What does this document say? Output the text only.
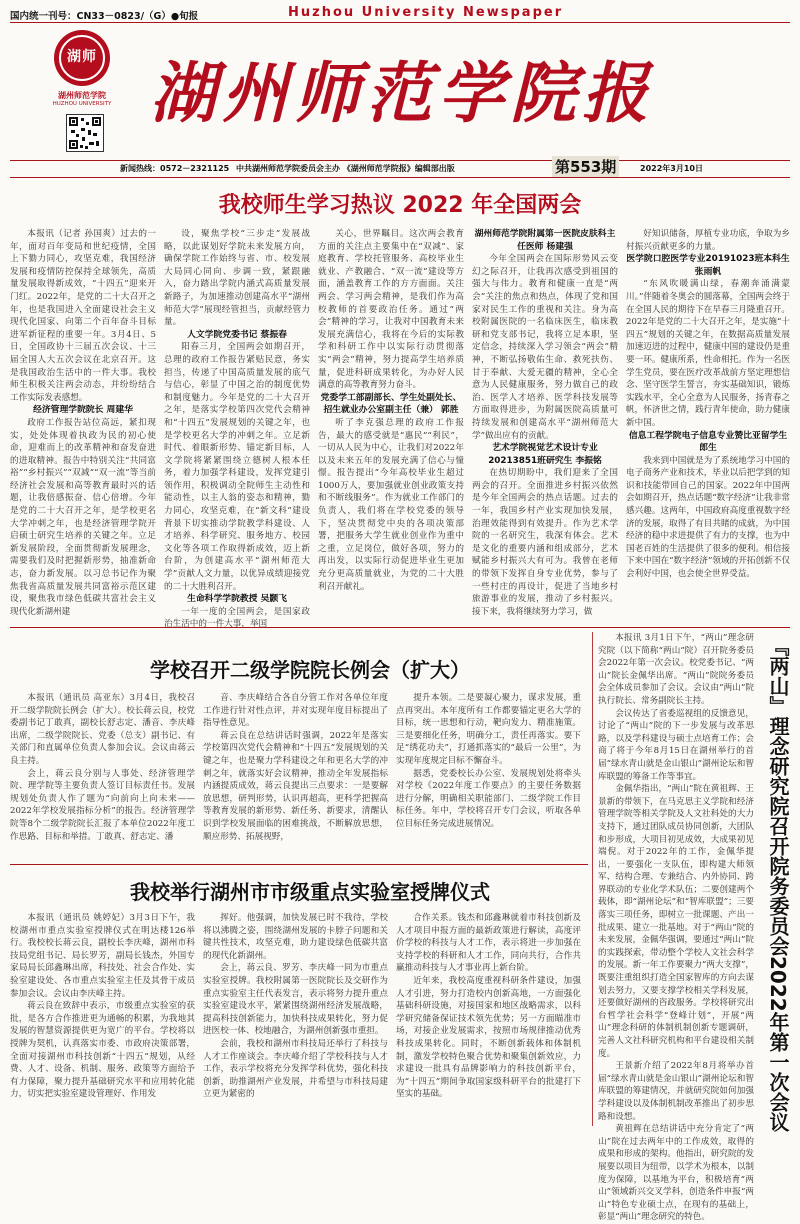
国内统一刊号：CN33－0823/（G）●旬报	Huzhou University Newspaper
湖师
湖州师范学院
HUZHOU UNIVERSITY 湖州师范学院报
新闻热线：0572－2321125 中共湖州师范学院委员会主办 《湖州师范学院报》编辑部出版	第553期	2022年3月10日
我校师生学习热议 2022 年全国两会

本报讯（记者 孙国爽）过去的一年，面对百年变局和世纪疫情，全国上下勠力同心，攻坚克难，我国经济发展和疫情防控保持全球领先，高质量发展取得新成效，“十四五”迎来开门红。2022年，是党的二十大召开之年，也是我国进入全面建设社会主义现代化国家、向第二个百年奋斗目标进军新征程的重要一年。3月4日、5日，全国政协十三届五次会议、十三届全国人大五次会议在北京召开。这是我国政治生活中的一件大事。我校师生积极关注两会动态，并纷纷结合工作实际发表感想。

经济管理学院院长 周建华

政府工作报告站位高远，紧扣现实，处处体现着执政为民的初心使命，迎难而上的改革精神和奋发奋进的进取精神。报告中特别关注“共同富裕”“乡村振兴”“双减”“双一流”等当前经济社会发展和高等教育最时兴的话题，让我倍感振奋、信心倍增。今年是党的二十大召开之年，是学校更名大学冲刺之年，也是经济管理学院开启硕士研究生培养的关键之年。立足新发展阶段，全面贯彻新发展理念，需要我们及时把握新形势，抽准新命志，奋力新发展。以习总书记作为聚焦我省高质量发展共同富裕示范区建设，聚焦我市绿色低碳共富社会主义现代化新湖州建

设，聚焦学校“三步走”发展战略，以此谋划好学院未来发展方向，确保学院工作始终与省、市、校发展大局同心同向、步调一致，紧跟融入，奋力踏出学院内涵式高质量发展新路子，为加速推动创建高水平“湖州师范大学”展现经管担当，贡献经管力量。

人文学院党委书记 蔡振春

阳春三月，全国两会如期召开，总理的政府工作报告紧贴民意，务实担当，传递了中国高质量发展的底气与信心，彰显了中国之治的制度优势和制度魅力。今年是党的二十大召开之年，是落实学校第四次党代会精神和“十四五”发展规划的关键之年，也是学校更名大学的冲刺之年。立足新时代、着眼新形势、锚定新目标，人文学院将紧紧围绕立德树人根本任务，着力加强学科建设，发挥党建引领作用，积极调动全院师生主动性和能动性，以主人翁的姿态和精神，勠力同心，攻坚克难，在“新文科”建设背景下切实推动学院教学科建设、人才培养、科学研究、服务地方、校园文化等各项工作取得新成效，迈上新台阶，为创建高水平“湖州师范大学”贡献人文力量，以优异成绩迎接党的二十大胜利召开。

生命科学学院教授 吴颢飞

一年一度的全国两会，是国家政治生活中的一件大事，举国

关心，世界瞩目。这次两会教育方面的关注点主要集中在“双减”、家庭教育、学校托管服务、高校毕业生就业、产教融合、“双一流”建设等方面，涵盖教育工作的方方面面。关注两会、学习两会精神，是我们作为高校教师的首要政治任务。通过“两会”精神的学习，让我对中国教育未来发展充满信心，我将在今后的实际教学和科研工作中以实际行动贯彻落实“两会”精神，努力提高学生培养质量，促进科研成果转化，为办好人民满意的高等教育努力奋斗。

党委学工部副部长、学生处副处长、招生就业办公室副主任（兼） 郭胜

听了李克强总理的政府工作报告，最大的感受就是“惠民”“利民”，一切从人民为中心，让我们对2022年以及未来五年的发展充满了信心与憧憬。报告提出“今年高校毕业生超过1000万人，要加强就业创业政策支持和不断线服务”。作为就业工作部门的负责人，我们将在学校党委的领导下，坚决贯彻党中央的各项决策部署，把服务大学生就业创业作为重中之重，立足岗位，做好各项，努力的再出发，以实际行动促进毕业生更加充分更高质量就业，为党的二十大胜利召开献礼。

湖州师范学院附属第一医院皮肤科主任医师 杨建强

今年全国两会在国际形势风云变幻之际召开，让我再次感受到祖国的强大与伟力。教育和健康一直是“两会”关注的焦点和热点，体现了党和国家对民生工作的重视和关注。身为高校附属医院的一名临床医生，临床教研和党支部书记，我将立足本职，坚定信念，持续深入学习领会“两会”精神，不断弘扬敬佑生命、救死扶伤、甘于奉献、大爱无疆的精神，全心全意为人民健康服务，努力做自己的政治、医学人才培养、医学科技发展等方面取得进步，为附属医院高质量可持续发展和创建高水平“湖州师范大学”做出应有的贡献。

艺术学院视觉艺术设计专业20213851班研究生 李振铭

在热切期盼中，我们迎来了全国两会的召开。全面推进乡村振兴依然是今年全国两会的热点话题。过去的一年，我国乡村产业实现加快发展，治理效能得到有效提升。作为艺术学院的一名研究生，我深有体会。艺术是文化的重要内涵和组成部分，艺术赋能乡村振兴大有可为。我曾在老师的带领下发挥自身专业优势，参与了一些村庄的再设计，促进了当地乡村旅游事业的发展，推动了乡村振兴。接下来，我将继续努力学习，做

好知识储备，厚植专业功底，争取为乡村振兴贡献更多的力量。

医学院口腔医学专业20191023班本科生 张雨帆

“东风吹暖满山绿，春潮奔涌满蒙川。”伴随着冬奥会的圆落幕，全国两会终于在全国人民的期待下在早春三月隆重召开。2022年是党的二十大召开之年，是实施“十四五”规划的关键之年，在数据高质量发展加速迈进的过程中，健康中国的建设仍是重要一环。健康所系，性命相托。作为一名医学生党员，要在医疗改革战前方坚定理想信念、坚守医学生誓言，夯实基础知识，锻炼实践水平，全心全意为人民服务，扬青春之帆，怀济世之情，践行青年使命，助力健康新中国。

信息工程学院电子信息专业赞比亚留学生 郎生

我来到中国就是为了系统地学习中国的电子商务产业和技术，毕业以后把学到的知识和技能带回自己的国家。2022年中国两会如期召开，热点话题“数字经济”让我非常感兴趣。这两年，中国政府高度重视数字经济的发展，取得了有目共睹的成就，为中国经济的稳中求进提供了有力的支撑，也为中国老百姓的生活提供了很多的便利。相信接下来中国在“数字经济”领域的开拓创新不仅会利好中国，也会使全世界受益。

学校召开二级学院院长例会（扩大）

本报讯（通讯员 高亚东）3月4日，我校召开二级学院院长例会（扩大）。校长蒋云良，校党委副书记丁敢真，副校长舒志定、潘音、李庆峰出席，二级学院院长、党委（总支）副书记、有关部门和直属单位负责人参加会议。会议由蒋云良主持。

会上，蒋云良分别与人事处、经济管理学院、理学院等主要负责人签订目标责任书。发展规划处负责人作了题为“向前向上向未来——2022年学校发展指标分析”的报告。经济管理学院等8个二级学院院长汇报了本单位2022年度工作思路、目标和举措。丁敢真、舒志定、潘

音、李庆峰结合各自分管工作对各单位年度工作进行针对性点评，并对实现年度目标提出了指导性意见。

蒋云良在总结讲话时强调，2022年是落实学校第四次党代会精神和“十四五”发展规划的关键之年，也是聚力学科建设之年和更名大学的冲刺之年，就落实好会议精神，推动全年发展指标内涵提质成效，蒋云良提出三点要求：一是要解放思想，研判形势，认识再超高，更科学把握高等教育发展的新形势、新任务、新要求，清醒认识到学校发展面临的困难挑战，不断解放思想，顺应形势、拓展视野，

提升本领。二是要凝心聚力，谋求发展，重点再突出。本年度所有工作都要锚定更名大学的目标，统一思想和行动，靶向发力、精准施策。三是要细化任务，明确分工，责任再落实。要下足“绣花功夫”，打通抓落实的“最后一公里”，为实现年度规定目标不懈奋斗。

据悉，党委校长办公室、发展规划处将牵头对学校《2022年度工作要点》的主要任务数据进行分解，明确相关职能部门、二级学院工作目标任务。年中，学校将召开专门会议，听取各单位目标任务完成进展情况。

我校举行湖州市市级重点实验室授牌仪式

本报讯（通讯员 姚婷妃）3月3日下午，我校湖州市重点实验室授牌仪式在明达楼126举行。我校校长蒋云良，副校长李庆峰，湖州市科技局党组书记、局长罗芳，副局长钱杰，外国专家局局长邱鑫琳出席，科技处、社会合作处、实验室建设处、各市重点实验室主任及其骨干成员参加会议。会议由李庆峰主持。

蒋云良在致辞中表示，市级重点实验室的获批，是各方合作推进更为通畅的积累，为我地其发展的智慧资源提供更为宽广的平台。学校将以授牌为契机，认真落实市委、市政府决策部署，全面对接湖州市科技创新“十四五”规划，从经费、人才、设备、机制、服务、政策等方面给予有力保障，聚力提升基础研究水平和应用转化能力，切实把实验室建设管理好、作用发

挥好。他强调，加快发展已时不我待，学校将以沸腾之姿，围绕湖州发展的卡脖子问题和关键共性技术，攻坚克难，助力建设绿色低碳共富的现代化新湖州。

会上，蒋云良、罗芳、李庆峰一同为市重点实验室授牌。我校附属第一医院院长及交研作为重点实验室主任代表发言，表示将努力提升重点实验室建设水平，紧紧围绕湖州经济发展战略，提高科技创新能力，加快科技成果转化，努力促进医校一体、校地融合，为湖州创新强市重担。

会前，我校和湖州市科技局还举行了科技与人才工作座谈会。李庆峰介绍了学校科技与人才工作，表示学校将充分发挥学科优势，强化科技创新，助推湖州产业发展，并希望与市科技局建立更为紧密的

合作关系。钱杰和邱鑫琳就着市科技创新及人才项目申报方面的最新政策进行解读，高度评价学校的科技与人才工作，表示将进一步加强在支持学校的科研和人才工作，同向共行，合作共赢推动科技与人才事业再上新台阶。

近年来，我校高度重视科研条件建设，加强人才引进，努力打造校内创新高地，一方面强化基础科研设施，对接国家和地区战略需求，以科学研究储备保证技术领先优势；另一方面瞄准市场，对接企业发展需求，按照市场规律推动优秀科技成果转化。同时，不断创新载体和体制机制，激发学校特色聚合优势和聚集创新效应，力求建设一批具有品牌影响力的科技创新平台，为“十四五”期间争取国家级科研平台的批建打下坚实的基础。

本报讯 3月1日下午，“两山”理念研究院（以下简称“两山”院）召开院务委员会2022年第一次会议。校党委书记、“两山”院长金佩华出席。“两山”院院务委员会全体成员参加了会议。会议由“两山”院执行院长、常务副院长主持。

会议传达了省委巡视组的反馈意见，讨论了“两山”院的下一步发展与改革思路，以及学科建设与硕士点培育工作；会商了将于今年8月15日在湖州举行的首届“绿水青山就是金山银山”湖州论坛和智库联盟的筹备工作等事宜。

金佩华指出，“两山”院在黄祖辉、王景新的带领下，在马克思主义学院和经济管理学院等相关学院及人文社科处的大力支持下，通过团队成员协同创新，大团队和步形成，大项目初见成效，大成果初见端倪。对于2022年的工作，金佩华提出，一要强化一支队伍，即构建大师领军、结构合理、专兼结合、内外协同、跨界联动的专业化学术队伍；二要创建两个载体，即“湖州论坛”和“智库联盟”；三要落实三项任务，即树立一批课题、产出一批成果、建立一批基地。对于“两山”院的未来发展，金佩华强调，要通过“两山”院的实践探索，带动整个学校人文社会科学的发展。新一年工作要聚力“两大支撑”，既要注重组织打造全国家智库的方向去谋划去努力，又要支撑学校相关学科发展，还要做好湖州的咨政服务。学校将研究出台哲学社会科学“登峰计划”，开展“两山”理念科研的体制机制创新专题调研，完善人文社科研究机构和平台建设相关制度。

王景新介绍了2022年8月将举办首届“绿水青山就是金山银山”湖州论坛和智库联盟的筹建情况，并就研究院如何加强学科建设以及体制机制改革推出了初步思路和设想。

黄祖辉在总结讲话中充分肯定了“两山”院在过去两年中的工作成效，取得的成果和形成的架构。他指出，研究院的发展要以项目为纽带，以学术为根本，以制度为保障，以基地为平台，积极培育“两山”领域新兴交叉学科，创造条件申报“两山”特色专业硕士点，在现有的基础上，彰显“两山”理念研究的特色。

『两山』理念研究院召开院务委员会2022年第一次会议
